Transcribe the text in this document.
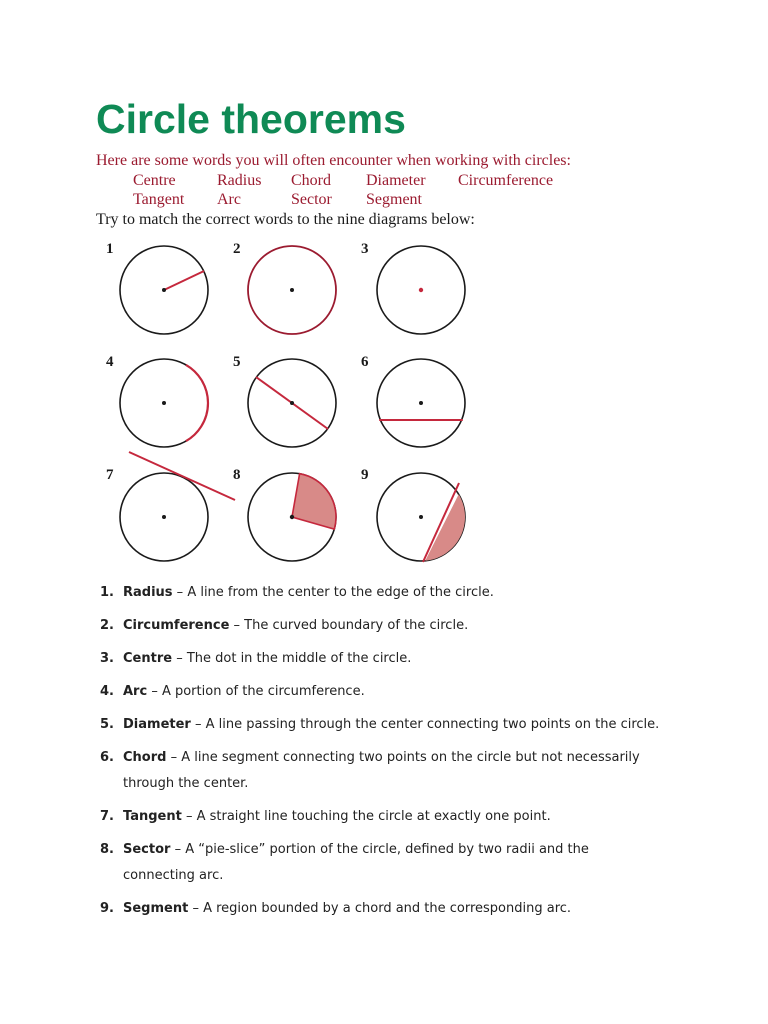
Circle theorems

Here are some words you will often encounter when working with circles:

Centre	Radius Chord Diameter Circumference
Tangent Arc	Sector Segment

Try to match the correct words to the nine diagrams below:

1	2	3
4	5	6
7	8	9
1. Radius – A line from the center to the edge of the circle.
2. Circumference – The curved boundary of the circle.
3. Centre – The dot in the middle of the circle.
4. Arc – A portion of the circumference.
5. Diameter – A line passing through the center connecting two points on the circle.
6. Chord – A line segment connecting two points on the circle but not necessarily through the center.
7. Tangent – A straight line touching the circle at exactly one point.
8. Sector – A “pie-slice” portion of the circle, defined by two radii and the connecting arc.
9. Segment – A region bounded by a chord and the corresponding arc.
